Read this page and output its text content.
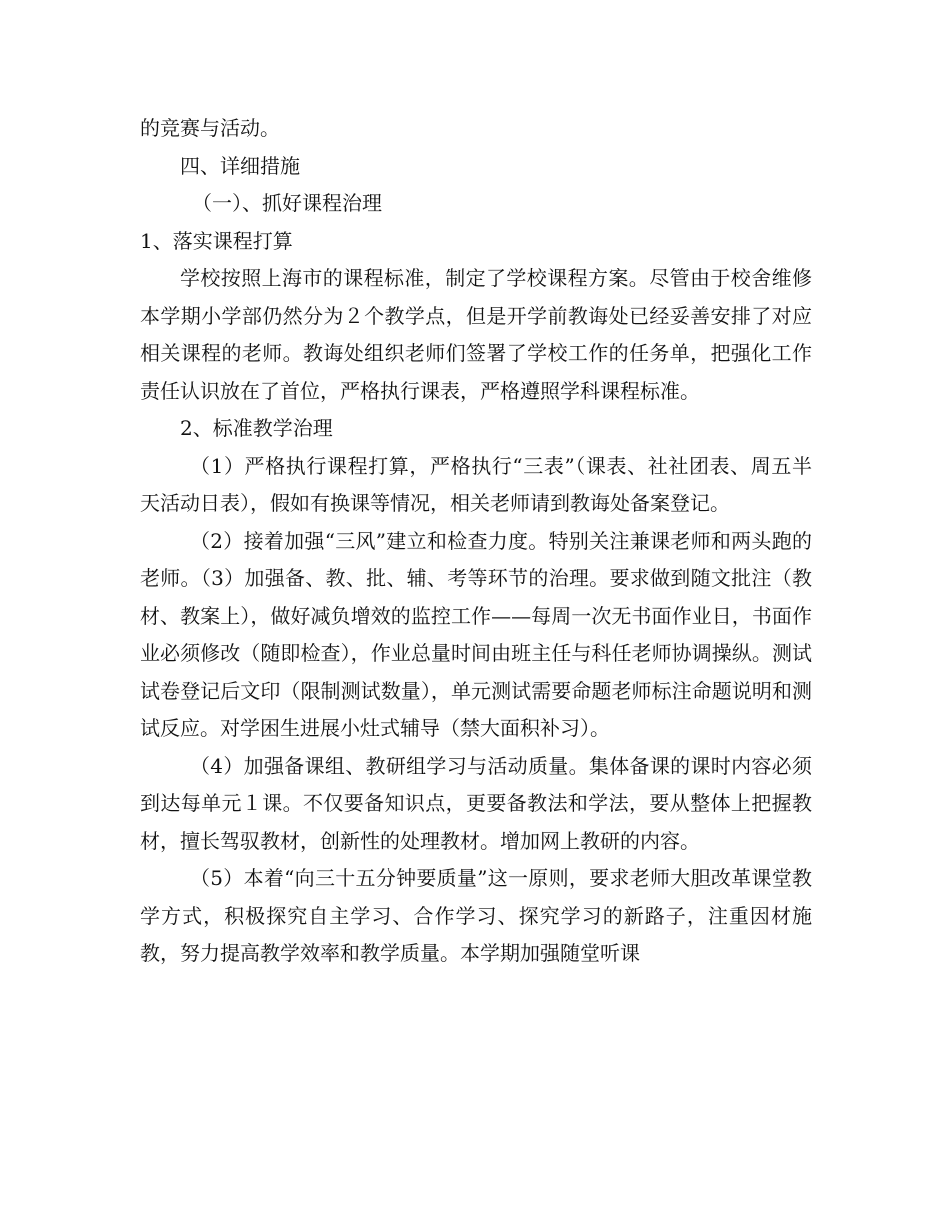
的竞赛与活动。

四、详细措施

（一）、抓好课程治理

1、落实课程打算

学校按照上海市的课程标准，制定了学校课程方案。尽管由于校舍维修本学期小学部仍然分为２个教学点，但是开学前教诲处已经妥善安排了对应相关课程的老师。教诲处组织老师们签署了学校工作的任务单，把强化工作责任认识放在了首位，严格执行课表，严格遵照学科课程标准。

2、标准教学治理

（1）严格执行课程打算，严格执行“三表”（课表、社社团表、周五半天活动日表），假如有换课等情况，相关老师请到教诲处备案登记。

（2）接着加强“三风”建立和检查力度。特别关注兼课老师和两头跑的老师。（3）加强备、教、批、辅、考等环节的治理。要求做到随文批注（教材、教案上），做好减负增效的监控工作——每周一次无书面作业日，书面作业必须修改（随即检查），作业总量时间由班主任与科任老师协调操纵。测试试卷登记后文印（限制测试数量），单元测试需要命题老师标注命题说明和测试反应。对学困生进展小灶式辅导（禁大面积补习）。

（4）加强备课组、教研组学习与活动质量。集体备课的课时内容必须到达每单元１课。不仅要备知识点，更要备教法和学法，要从整体上把握教材，擅长驾驭教材，创新性的处理教材。增加网上教研的内容。

（5）本着“向三十五分钟要质量”这一原则，要求老师大胆改革课堂教学方式，积极探究自主学习、合作学习、探究学习的新路子，注重因材施教，努力提高教学效率和教学质量。本学期加强随堂听课
